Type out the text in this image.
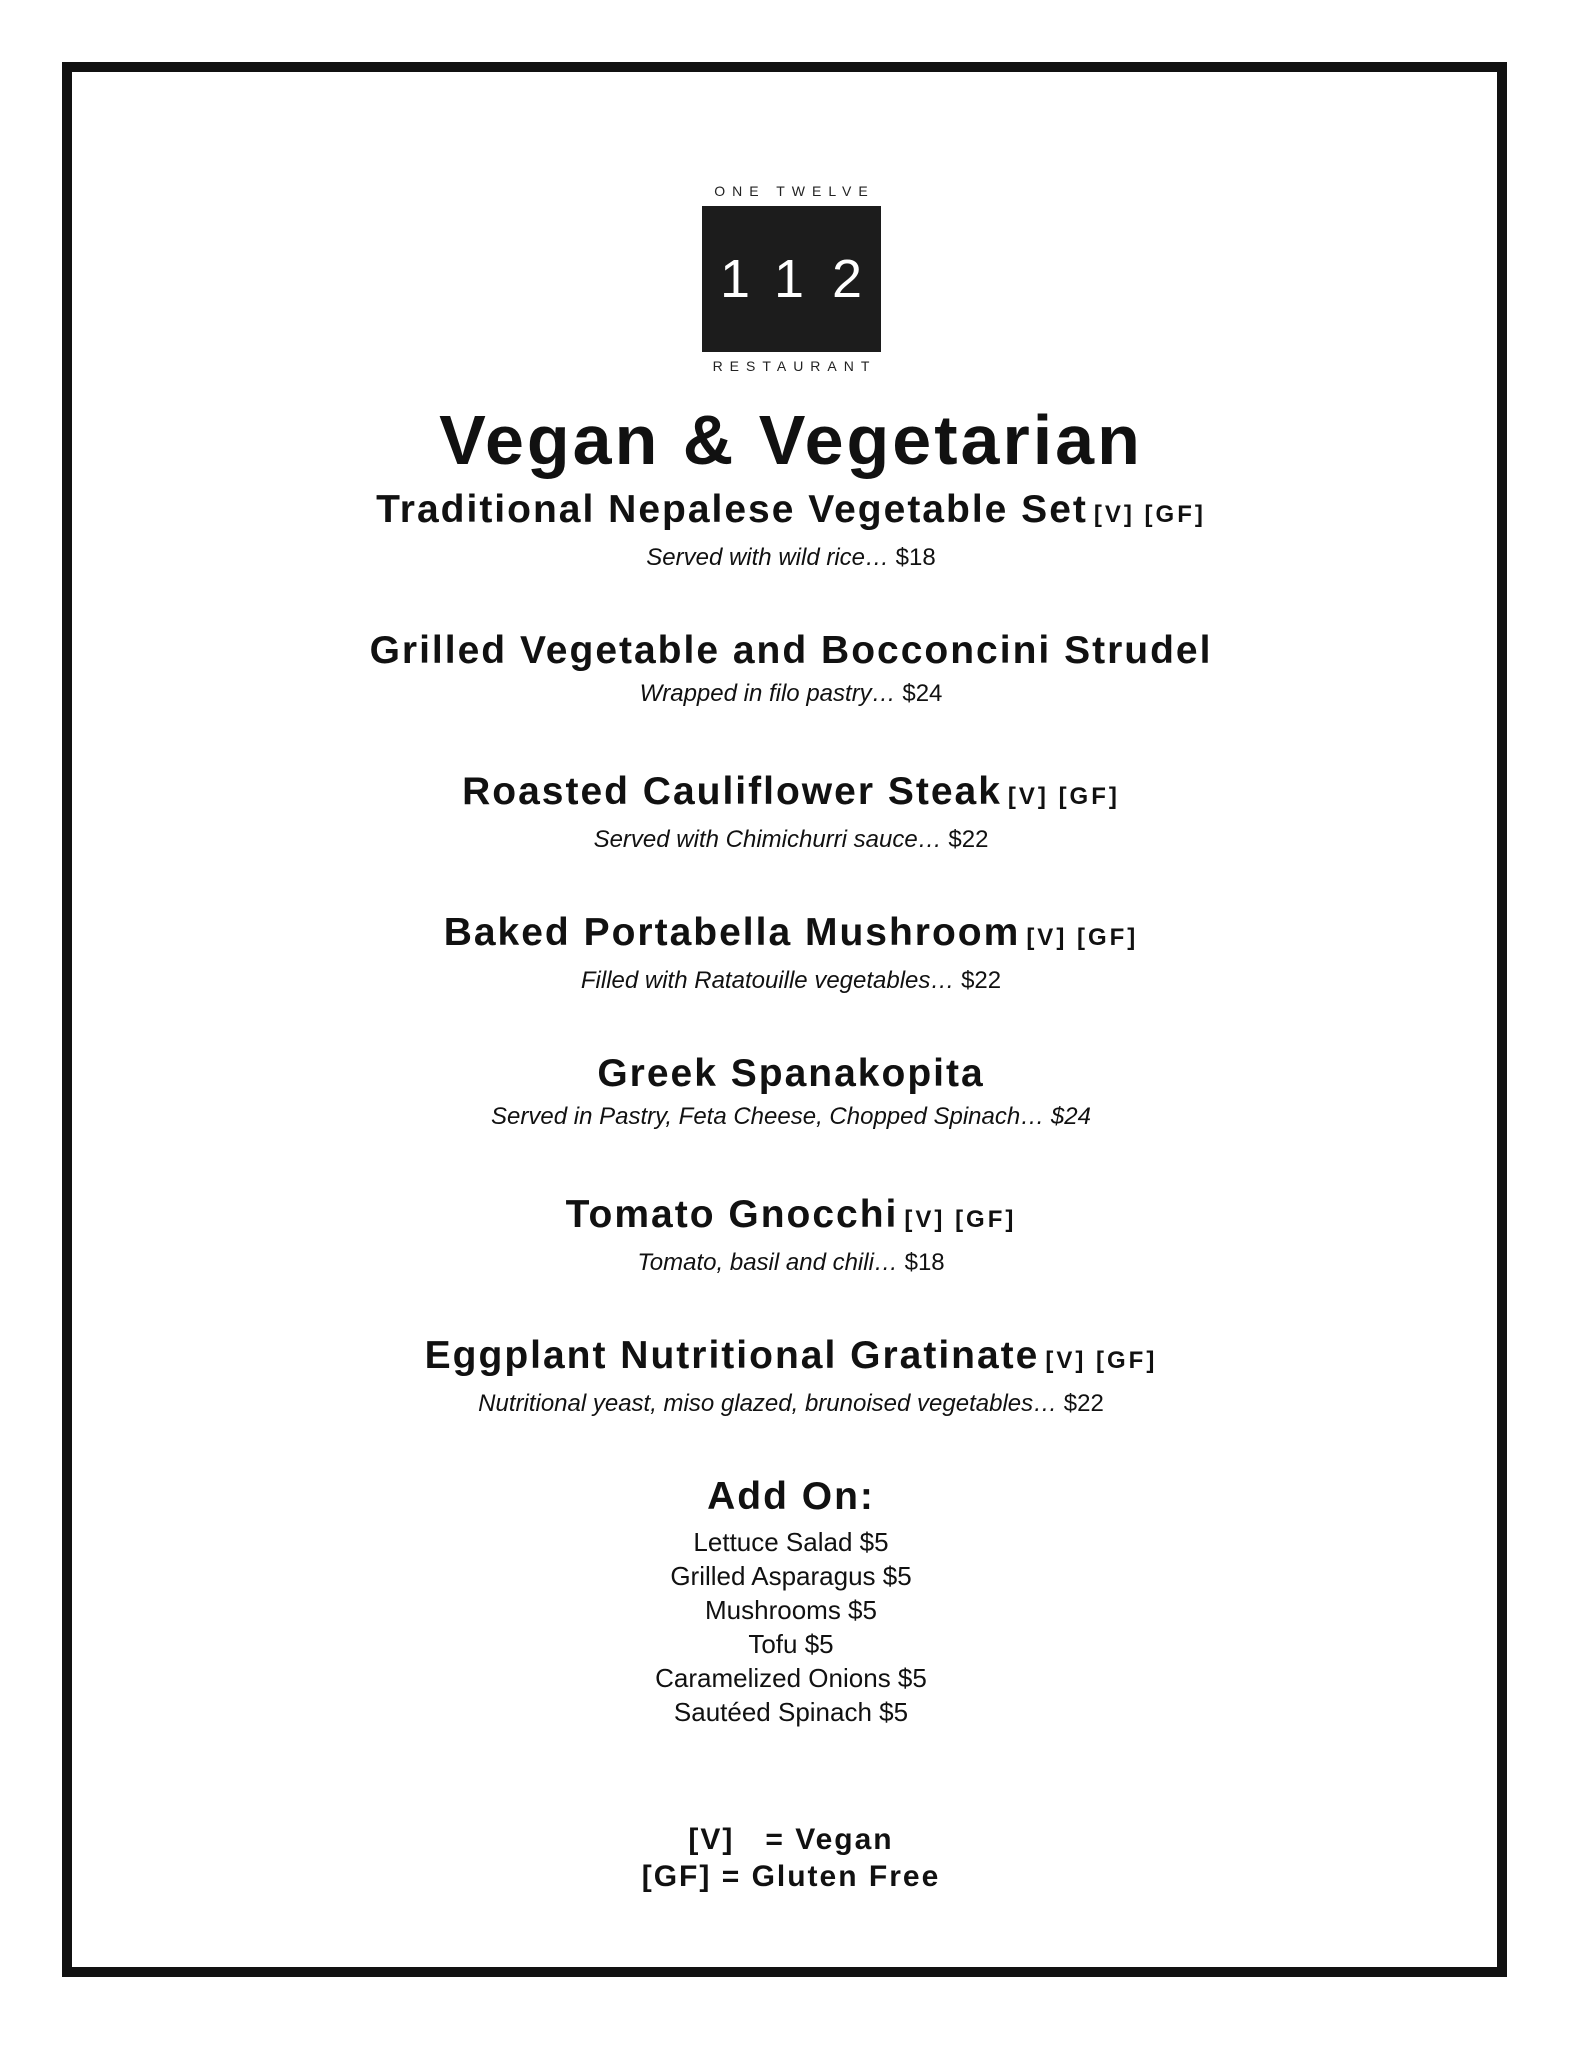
ONE TWELVE
112
RESTAURANT
Vegan & Vegetarian
Traditional Nepalese Vegetable Set [V] [GF]
Served with wild rice… $18
Grilled Vegetable and Bocconcini Strudel
Wrapped in filo pastry… $24
Roasted Cauliflower Steak [V] [GF]
Served with Chimichurri sauce… $22
Baked Portabella Mushroom [V] [GF]
Filled with Ratatouille vegetables… $22
Greek Spanakopita
Served in Pastry, Feta Cheese, Chopped Spinach… $24
Tomato Gnocchi [V] [GF]
Tomato, basil and chili… $18
Eggplant Nutritional Gratinate [V] [GF]
Nutritional yeast, miso glazed, brunoised vegetables… $22
Add On:
Lettuce Salad $5
Grilled Asparagus $5
Mushrooms $5
Tofu $5
Caramelized Onions $5
Sautéed Spinach $5
[V]   = Vegan
[GF] = Gluten Free
